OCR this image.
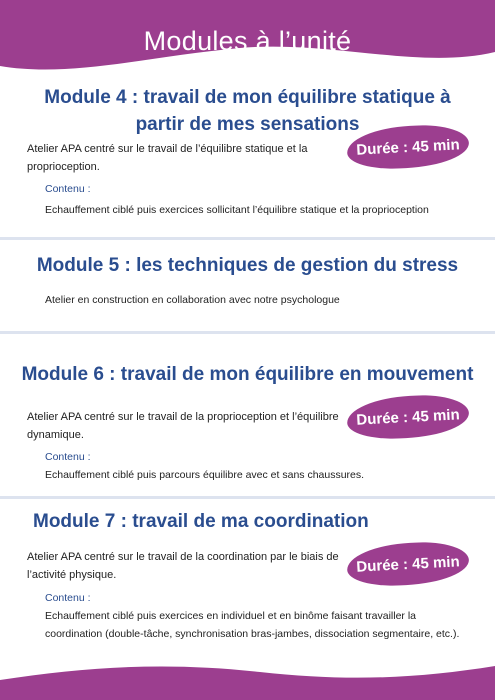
Modules à l’unité
Module 4 : travail de mon équilibre statique à partir de mes sensations
Atelier APA centré sur le travail de l’équilibre statique et la proprioception.
Durée : 45 min
Contenu :
Echauffement ciblé puis exercices sollicitant l’équilibre statique et la proprioception
Module 5 : les techniques de gestion du stress
Atelier en construction en collaboration avec notre psychologue
Module 6 : travail de mon équilibre en mouvement
Atelier APA centré sur le travail de la proprioception et l’équilibre dynamique.
Durée : 45 min
Contenu :
Echauffement ciblé puis parcours équilibre avec et sans chaussures.
Module 7 : travail de ma coordination
Atelier APA centré sur le travail de la coordination par le biais de l’activité physique.	Durée : 45 min
Contenu :
Echauffement ciblé puis exercices en individuel et en binôme faisant travailler la coordination (double-tâche, synchronisation bras-jambes, dissociation segmentaire, etc.).
